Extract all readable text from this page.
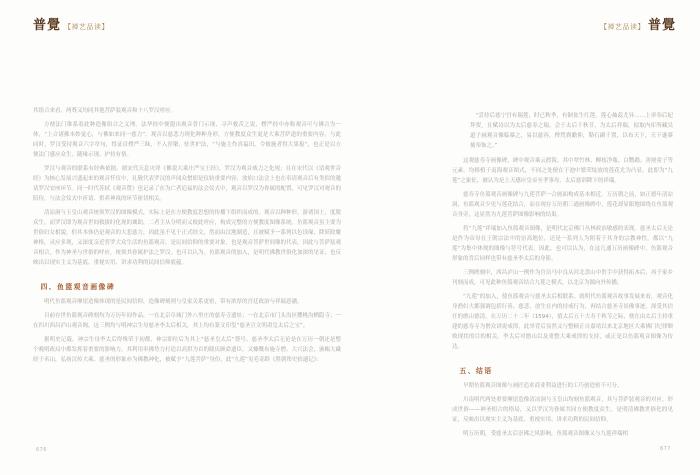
普覺 【禅艺品读】	【禅艺品读】 普覺

其组合来看，两尊又均同其他菩萨装观音和十八罗汉呼应。

方便法门维系着此种造像组合之义理。法华经中便提出观音普门示现、寻声救苦之说，楞严经中亦称观音可与佛合为一体，“上合诸佛本妙觉心，与佛如来同一慈力”。观音以慈悲力现化种种身形，方便教度众生更是大乘菩萨道的重要内容。与此同时，罗汉受持观音六字章句，得证首楞严三昧，不入涅槃，驻世护法，“与施主作真福田，令彼施者得大果报”，也正是以方便法门感应众生、随缘示现、护持有情。

罗汉与观音的联系有经典依据。据宋代天息灾译《佛说大乘庄严宝王经》，罗汉为观音威力之化现；且在宋代以《请观世音经》为核心发展兴盛起来的观音忏仪中，礼敬代表罗汉的声闻众僧即是仪轨重要内容；放焰口法会上也在奉请观音后有类似的邀请罗汉安座环节。同一时代苏轼《观音赞》也记录了在为亡者追福的法会仪式中，观音以罗汉为眷属的配置，可见罗汉对观音的陪侍，与法会仪式中祈请、供养神祇的环节密切相关。

清凉洞与玉皇山观音统领罗汉的图像模式，实际上是在方便教度思想的传播下组织而成的。观音以种种形，游诸国土，度脱众生，而罗汉即为观音世间救拔时化现的襄助，二者主从分明而又彼此呼应，构成完整的方便教度图像系统。鱼篮观音虽主要为世俗妇女相貌，但其本体仍是观音的大悲慈力，因此虽不见于正式经文，然而由汉地制造，且被赋予一系列以色设缘、降妖除魔神格，灵应多现，又深度亲近普罗大众生活的鱼篮观音，是民间信仰的重要对象，也是观音菩萨世间像的代表，因此与菩萨装观音相合，作为神圣与世俗的呼应，统领其眷属护法之罗汉。也可以认为，鱼篮观音的加入，是明代佛教世俗化加深的见证，也反映出以现实主义为基底、重视实用、讲求功利的民间信仰底蕴。

四、鱼篮观音画像碑

明代鱼篮观音摩崖造像体现的是民间信仰，造像碑刻则与皇家关系更密，带有浓厚的宫廷政治与祥瑞意涵。

目前存世鱼篮观音碑刻均为万历年间作品，一在北京阜城门外八里庄的慈寿寺遗址；一在北京市门头沟区樱桃沟栖隐寺；一在四川西昌泸山观音阁。这三例均与明神宗生母慈圣李太后相关，其上均有篆文印玺“慈圣宣文明肃皇太后之宝”。

据明史记载，神宗生母李太后得殊荣于初都，神宗即位后为其上“慈圣皇太后”尊号。慈圣李太后无论是在万历一朝还是整个晚明政局中都发挥着重要的影响力，其利用奉佛势力打造以高拱为首的隆庆顾命遗臣，又慷慨布施寺僧、大兴法会，颁赐大藏经于名山，弘扬汉传大乘。慈圣的形象亦为佛教神化，被赋予“九莲菩萨”身份，此“九莲”见毛奇龄《胜朝彤史拾遗记》：

“尝侍后慈宁宫有瑞莲，时已秋季，有铜盆生红莲，莲心抽蕊尤异……上率奉后妃拜贺，且赋诗以为太后慈寿之瑞。会于太后千秋节，为太后祥瑞，拟取内库所藏吴道子画观音像临摹之，易以慈容，俾梵刹瞻仰，勒石副千置，以布天下，天下遂摹刻奉饰之。”

这观慈寿寺画像碑，碑中观音乘云渡海，其中翠竹林、柳枝净瓶、白鹦鹉、善财童子等元素，均移植于南海观音图式，不同之处便在于池中繁荣绽放的莲花尤为凸显，此即为“九莲”之象征，被认为是上天感应皇帝至孝事母、太后慈训降下的祥瑞。

慈寿寺鱼篮观音画像碑与九莲菩萨一合画面构成基本相近。万历朝之前，如正德年清凉洞，鱼篮观音少见与莲花结合，而在现存万历朝三通画像碑中，莲花却显眼地围绕在鱼篮观音身旁，这显然为九莲菩萨图像影响的结果。

将“九莲”祥瑞加入鱼篮观音图像，是明代北京佛门丛林政治敏感的表现。慈圣太后无论是作为帝母在王朝宗法中的崇高地位，还是一系列人为附着于其身的宗教神性，都以“九莲”为集中体现的图像与符号代表。因此，也可以认为，在这几通万历画像碑中，鱼篮观音形象的背后同样也带有慈圣李太后的身影。

三例碑刻中，西昌泸山一例作为官员马中良从河北盘山中贵手中获得拓本后，再于家乡刊刻而成，可见此种鱼篮观音结合九莲之模式，以北京为源向外传播。

“九莲”的加入，使鱼篮观音与慈圣太后相联系。就明代鱼篮观音故事发展来看，观音化身渔妇大都强调包括行善、慈悲、放生在内的持戒行为，再结合慈圣寺景佛事迹，深受其信任的憨山德清，在万历二十二年（1594），值太后五十大寿千秋节之际，便在由太后主持重建的慈寿寺为僧众讲说戒律，此举背后显然又与整顿正自嘉靖以来北京地区大乘佛门纪律颓败现状的目的相关。李太后对憨山以及重整大乘戒律的支持，或正是以鱼篮观音图像为传达。

五、结语

早期鱼篮观音图像与画匠追求商业利益进行的工巧创造密不可分。

川南明代两处重要摩崖造像清凉洞与玉皇山均刻鱼篮观音，其与菩萨装观音的对应，形成世俗——神圣相合的格局，又以罗汉为眷属共同方便教度众生，是明清佛教世俗化的见证，反映出以现实主义为基底、重视实用、讲求功利的民间信仰。

明万历朝，受慈圣太后崇佛之风影响，鱼篮观音图像又与九莲祥瑞相

676	677
